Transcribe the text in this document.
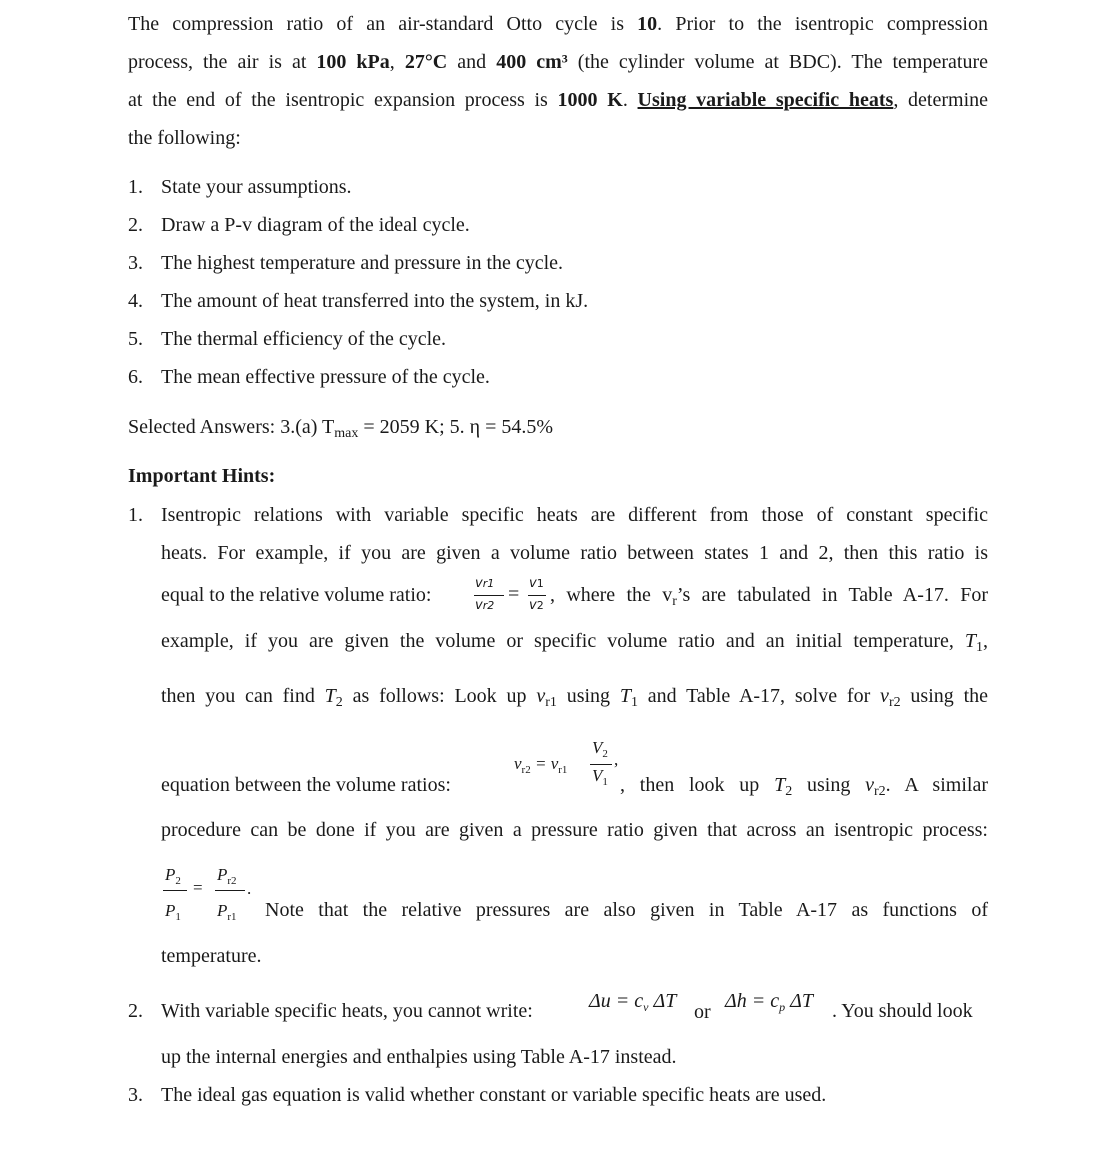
The compression ratio of an air-standard Otto cycle is 10. Prior to the isentropic compression
process, the air is at 100 kPa, 27°C and 400 cm³ (the cylinder volume at BDC). The temperature
at the end of the isentropic expansion process is 1000 K. Using variable specific heats, determine
the following:
1. State your assumptions.
2. Draw a P-v diagram of the ideal cycle.
3. The highest temperature and pressure in the cycle.
4. The amount of heat transferred into the system, in kJ.
5. The thermal efficiency of the cycle.
6. The mean effective pressure of the cycle.
Selected Answers: 3.(a) $T_{max} = 2059$ K; 5. η = 54.5%
Important Hints:
1. Isentropic relations with variable specific heats are different from those of constant specific
heats. For example, if you are given a volume ratio between states 1 and 2, then this ratio is
equal to the relative volume ratio:
vr1
vr2
= v1
v2 , where the $v_r’s$ are tabulated in Table A-17. For
example, if you are given the volume or specific volume ratio and an initial temperature, $T_1$,
then you can find $T_2$ as follows: Look up $v_{r1}$ using $T_1$ and Table A-17, solve for $v_{r2}$ using the
$v_{r2} = v_{r1}$
$V_2$
$V_1$
,
equation between the volume ratios:	, then look up $T_2$ using $v_{r2}$. A similar
procedure can be done if you are given a pressure ratio given that across an isentropic process:
$P_2$
$P_1$
=
$P_{r2}$
$P_{r1}$
.
Note that the relative pressures are also given in Table A-17 as functions of
temperature.
2. With variable specific heats, you cannot write:	$\Delta u = c_v$ ΔT or $\Delta h = c_p$ ΔT . You should look
up the internal energies and enthalpies using Table A-17 instead.
3. The ideal gas equation is valid whether constant or variable specific heats are used.
